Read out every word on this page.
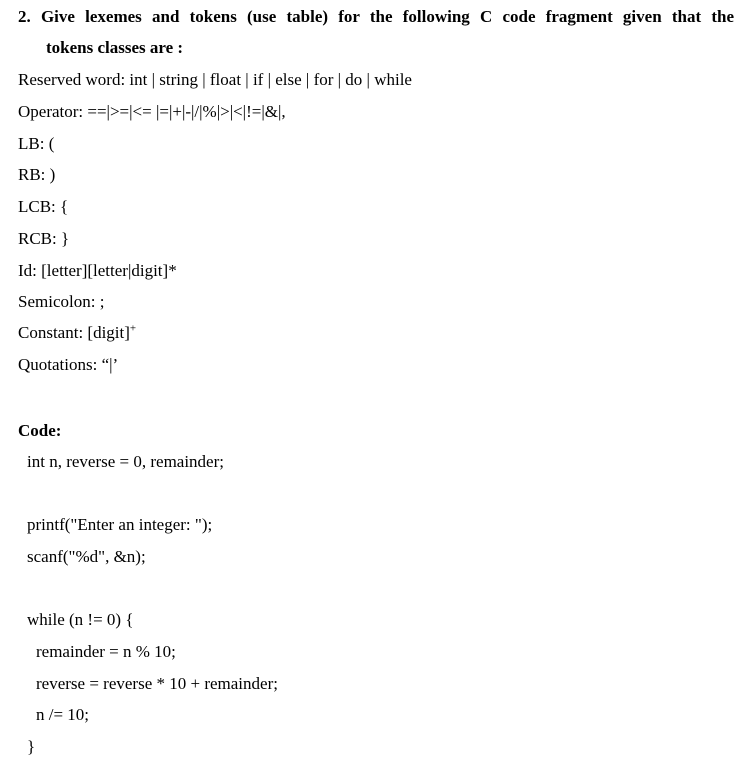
2. Give lexemes and tokens (use table) for the following C code fragment given that the
tokens classes are :
Reserved word: int | string | float | if | else | for | do | while
Operator: ==|>=|<= |=|+|-|/|%|>|<|!=|&|,
LB: (
RB: )
LCB: {
RCB: }
Id: [letter][letter|digit]*
Semicolon: ;
Constant: [digit]+
Quotations: “|’
Code:
int n, reverse = 0, remainder;
printf("Enter an integer: ");
scanf("%d", &n);
while (n != 0) {
remainder = n % 10;
reverse = reverse * 10 + remainder;
n /= 10;
}
